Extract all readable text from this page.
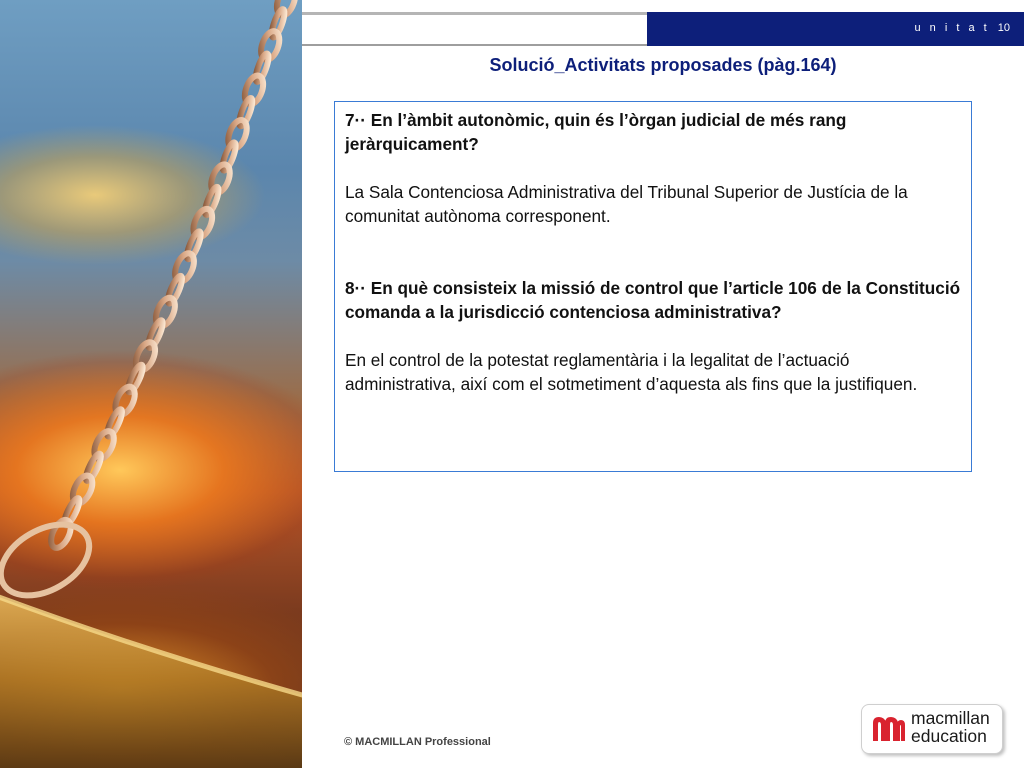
u n i t a t 10
Solució_Activitats proposades (pàg.164)
7·· En l’àmbit autonòmic, quin és l’òrgan judicial de més rang jeràrquicament?
La Sala Contenciosa Administrativa del Tribunal Superior de Justícia de la comunitat autònoma corresponent.
8·· En què consisteix la missió de control que l’article 106 de la Constitució comanda a la jurisdicció contenciosa administrativa?
En el control de la potestat reglamentària i la legalitat de l’actuació administrativa, així com el sotmetiment d’aquesta als fins que la justifiquen.
© MACMILLAN Professional
macmillan
education
